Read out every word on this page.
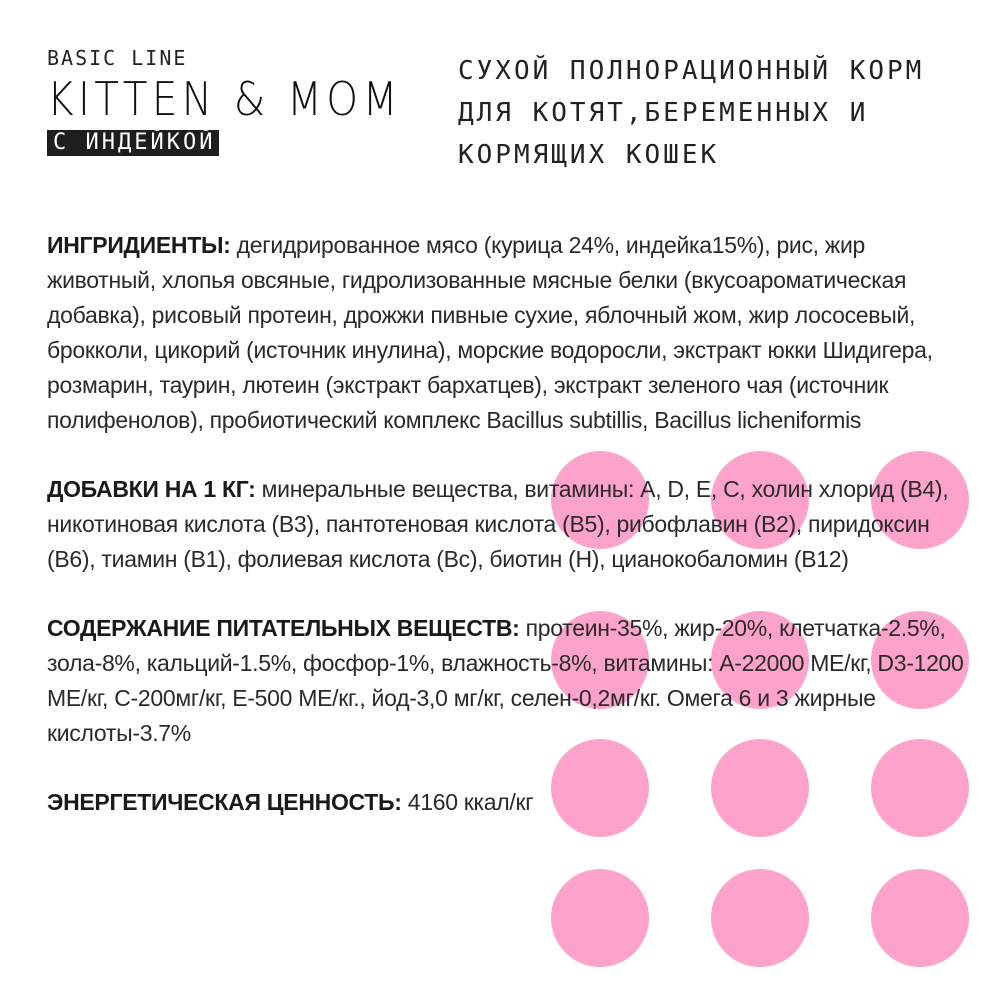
BASIC LINE
KITTEN & MOM
С ИНДЕЙКОЙ
СУХОЙ ПОЛНОРАЦИОННЫЙ КОРМ
ДЛЯ КОТЯТ,БЕРЕМЕННЫХ И
КОРМЯЩИХ КОШЕК

ИНГРИДИЕНТЫ: дегидрированное мясо (курица 24%, индейка15%), рис, жир животный, хлопья овсяные, гидролизованные мясные белки (вкусоароматическая добавка), рисовый протеин, дрожжи пивные сухие, яблочный жом, жир лососевый, брокколи, цикорий (источник инулина), морские водоросли, экстракт юкки Шидигера, розмарин, таурин, лютеин (экстракт бархатцев), экстракт зеленого чая (источник полифенолов), пробиотический комплекс Bacillus subtillis, Bacillus licheniformis

ДОБАВКИ НА 1 КГ: минеральные вещества, витамины: A, D, E, C, холин хлорид (B4), никотиновая кислота (B3), пантотеновая кислота (B5), рибофлавин (B2), пиридоксин (B6), тиамин (B1), фолиевая кислота (Bc), биотин (H), цианокобаломин (B12)

СОДЕРЖАНИЕ ПИТАТЕЛЬНЫХ ВЕЩЕСТВ: протеин-35%, жир-20%, клетчатка-2.5%, зола-8%, кальций-1.5%, фосфор-1%, влажность-8%, витамины: А-22000 МЕ/кг, D3-1200 МЕ/кг, С-200мг/кг, Е-500 МЕ/кг., йод-3,0 мг/кг, селен-0,2мг/кг. Омега 6 и 3 жирные кислоты-3.7%

ЭНЕРГЕТИЧЕСКАЯ ЦЕННОСТЬ: 4160 ккал/кг
